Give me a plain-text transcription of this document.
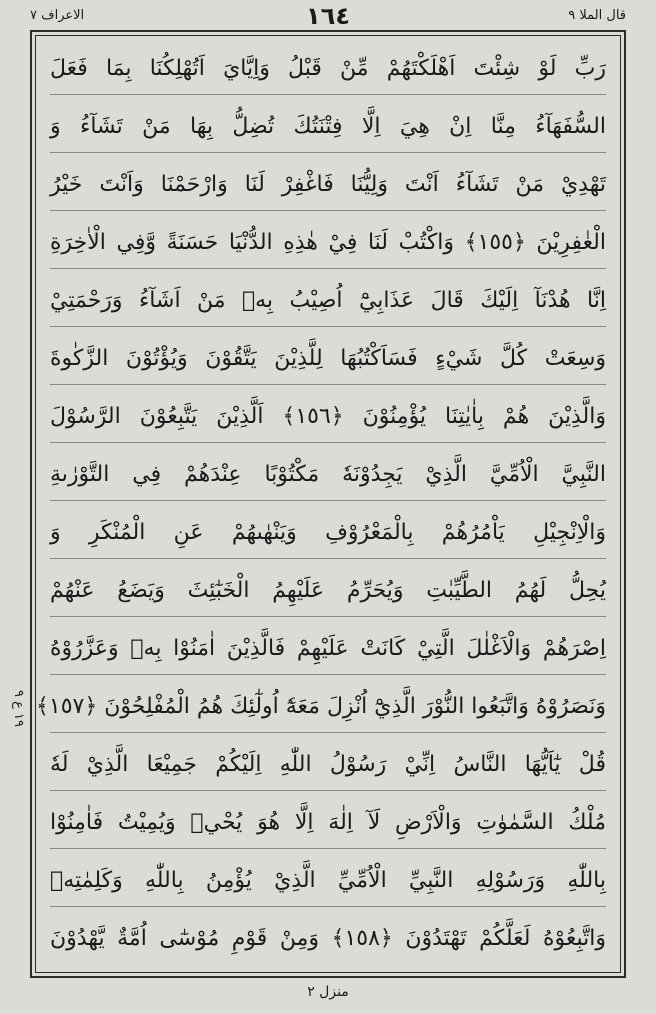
قال الملا ٩
١٦٤
الاعراف ٧
رَبِّ لَوْ شِئْتَ اَهْلَكْتَهُمْ مِّنْ قَبْلُ وَاِيَّايَ اَتُهْلِكُنَا بِمَا فَعَلَ
السُّفَهَآءُ مِنَّا اِنْ هِيَ اِلَّا فِتْنَتُكَ تُضِلُّ بِهَا مَنْ تَشَآءُ وَ
تَهْدِيْ مَنْ تَشَآءُ اَنْتَ وَلِيُّنَا فَاغْفِرْ لَنَا وَارْحَمْنَا وَاَنْتَ خَيْرُ
الْغٰفِرِيْنَ ﴿١٥٥﴾ وَاكْتُبْ لَنَا فِيْ هٰذِهِ الدُّنْيَا حَسَنَةً وَّفِي الْاٰخِرَةِ
اِنَّا هُدْنَآ اِلَيْكَ قَالَ عَذَابِيْٓ اُصِيْبُ بِهٖ مَنْ اَشَآءُ وَرَحْمَتِيْ
وَسِعَتْ كُلَّ شَيْءٍ فَسَاَكْتُبُهَا لِلَّذِيْنَ يَتَّقُوْنَ وَيُؤْتُوْنَ الزَّكٰوةَ
وَالَّذِيْنَ هُمْ بِاٰيٰتِنَا يُؤْمِنُوْنَ ﴿١٥٦﴾ اَلَّذِيْنَ يَتَّبِعُوْنَ الرَّسُوْلَ
النَّبِيَّ الْاُمِّيَّ الَّذِيْ يَجِدُوْنَهٗ مَكْتُوْبًا عِنْدَهُمْ فِي التَّوْرٰىةِ
وَالْاِنْجِيْلِ يَاْمُرُهُمْ بِالْمَعْرُوْفِ وَيَنْهٰىهُمْ عَنِ الْمُنْكَرِ وَ
يُحِلُّ لَهُمُ الطَّيِّبٰتِ وَيُحَرِّمُ عَلَيْهِمُ الْخَبٰٓئِثَ وَيَضَعُ عَنْهُمْ
اِصْرَهُمْ وَالْاَغْلٰلَ الَّتِيْ كَانَتْ عَلَيْهِمْ فَالَّذِيْنَ اٰمَنُوْا بِهٖ وَعَزَّرُوْهُ
وَنَصَرُوْهُ وَاتَّبَعُوا النُّوْرَ الَّذِيْٓ اُنْزِلَ مَعَهٗٓ اُولٰٓئِكَ هُمُ الْمُفْلِحُوْنَ ﴿١٥٧﴾
قُلْ يٰٓاَيُّهَا النَّاسُ اِنِّيْ رَسُوْلُ اللّٰهِ اِلَيْكُمْ جَمِيْعَا الَّذِيْ لَهٗ
مُلْكُ السَّمٰوٰتِ وَالْاَرْضِ لَآ اِلٰهَ اِلَّا هُوَ يُحْيٖ وَيُمِيْتُ فَاٰمِنُوْا
بِاللّٰهِ وَرَسُوْلِهِ النَّبِيِّ الْاُمِّيِّ الَّذِيْ يُؤْمِنُ بِاللّٰهِ وَكَلِمٰتِهٖ
وَاتَّبِعُوْهُ لَعَلَّكُمْ تَهْتَدُوْنَ ﴿١٥٨﴾ وَمِنْ قَوْمِ مُوْسٰٓى اُمَّةٌ يَّهْدُوْنَ
١٩ ع ٩
منزل ٢
